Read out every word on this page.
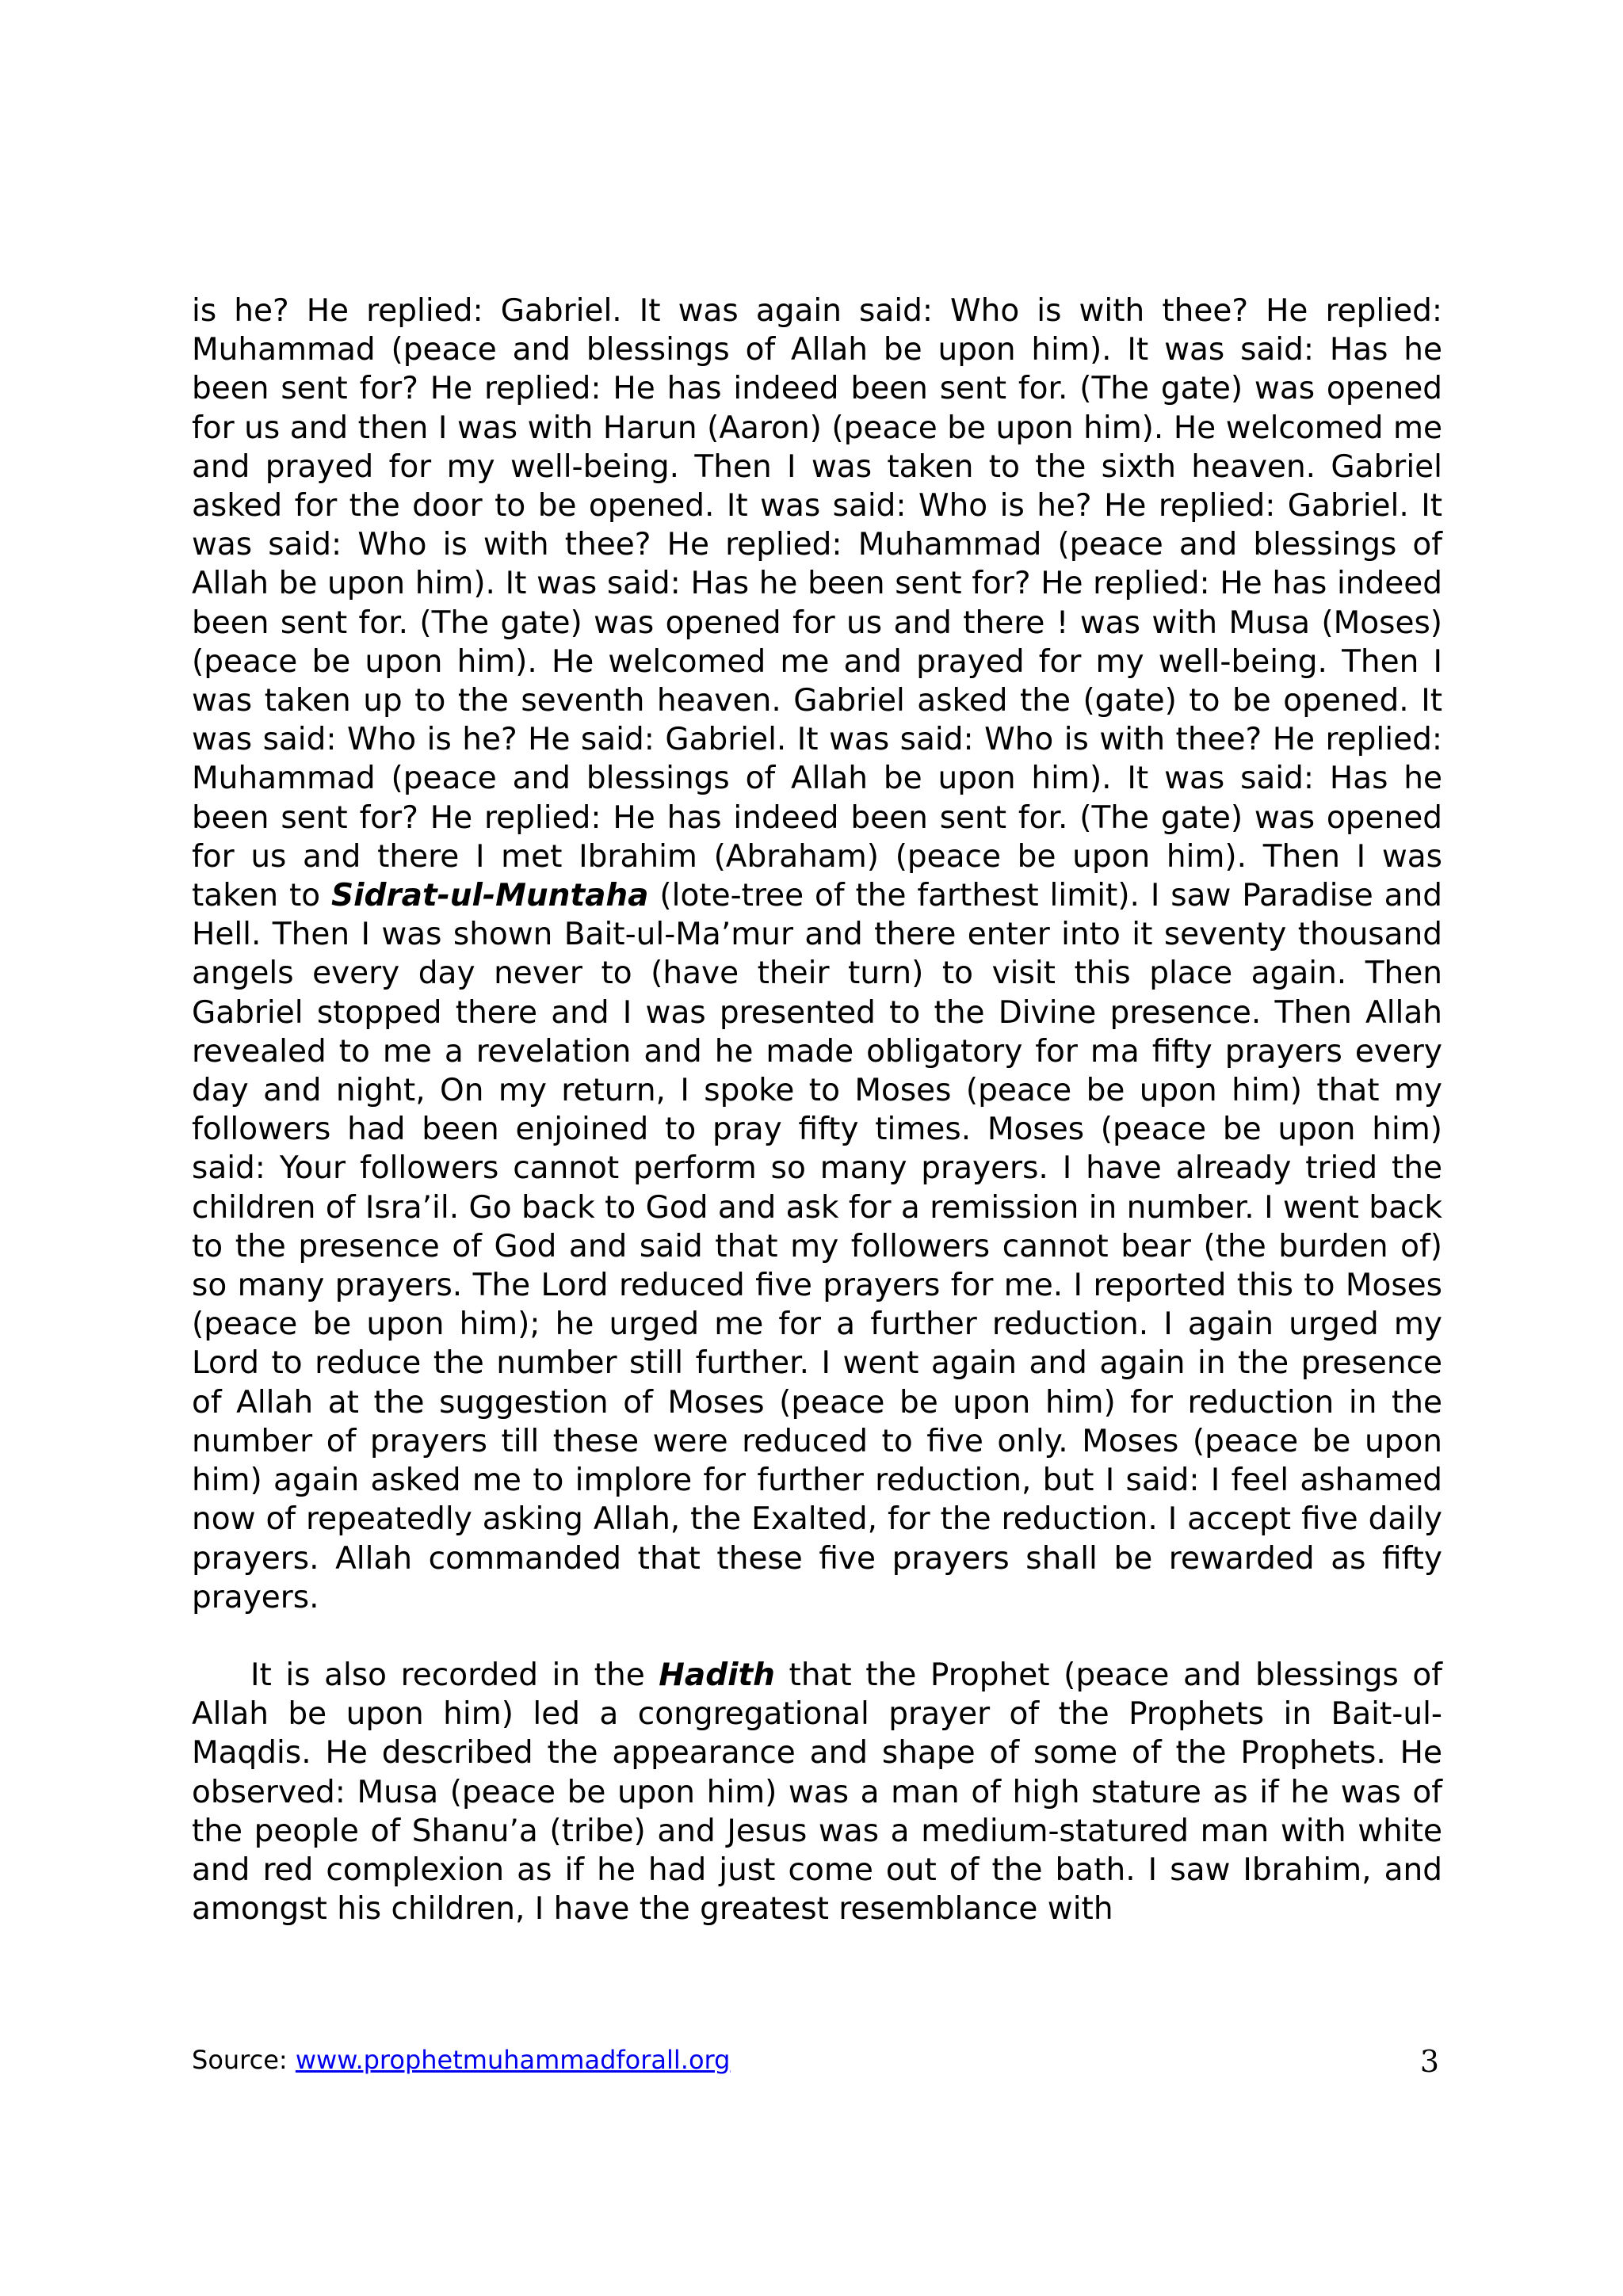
is he? He replied: Gabriel. It was again said: Who is with thee? He replied: Muhammad (peace and blessings of Allah be upon him). It was said: Has he been sent for? He replied: He has indeed been sent for. (The gate) was opened for us and then I was with Harun (Aaron) (peace be upon him). He welcomed me and prayed for my well-being. Then I was taken to the sixth heaven. Gabriel asked for the door to be opened. It was said: Who is he? He replied: Gabriel. It was said: Who is with thee? He replied: Muhammad (peace and blessings of Allah be upon him). It was said: Has he been sent for? He replied: He has indeed been sent for. (The gate) was opened for us and there ! was with Musa (Moses) (peace be upon him). He welcomed me and prayed for my well-being. Then I was taken up to the seventh heaven. Gabriel asked the (gate) to be opened. It was said: Who is he? He said: Gabriel. It was said: Who is with thee? He replied: Muhammad (peace and blessings of Allah be upon him). It was said: Has he been sent for? He replied: He has indeed been sent for. (The gate) was opened for us and there I met Ibrahim (Abraham) (peace be upon him). Then I was taken to Sidrat-ul-Muntaha (lote-tree of the farthest limit). I saw Paradise and Hell. Then I was shown Bait-ul-Ma’mur and there enter into it seventy thousand angels every day never to (have their turn) to visit this place again. Then Gabriel stopped there and I was presented to the Divine presence. Then Allah revealed to me a revelation and he made obligatory for ma fifty prayers every day and night, On my return, I spoke to Moses (peace be upon him) that my followers had been enjoined to pray fifty times. Moses (peace be upon him) said: Your followers cannot perform so many prayers. I have already tried the children of Isra’il. Go back to God and ask for a remission in number. I went back to the presence of God and said that my followers cannot bear (the burden of) so many prayers. The Lord reduced five prayers for me. I reported this to Moses (peace be upon him); he urged me for a further reduction. I again urged my Lord to reduce the number still further. I went again and again in the presence of Allah at the suggestion of Moses (peace be upon him) for reduction in the number of prayers till these were reduced to five only. Moses (peace be upon him) again asked me to implore for further reduction, but I said: I feel ashamed now of repeatedly asking Allah, the Exalted, for the reduction. I accept five daily prayers. Allah commanded that these five prayers shall be rewarded as fifty prayers.

It is also recorded in the Hadith that the Prophet (peace and blessings of Allah be upon him) led a congregational prayer of the Prophets in Bait-ul-Maqdis. He described the appearance and shape of some of the Prophets. He observed: Musa (peace be upon him) was a man of high stature as if he was of the people of Shanu’a (tribe) and Jesus was a medium-statured man with white and red complexion as if he had just come out of the bath. I saw Ibrahim, and amongst his children, I have the greatest resemblance with

Source: www.prophetmuhammadforall.org	3
